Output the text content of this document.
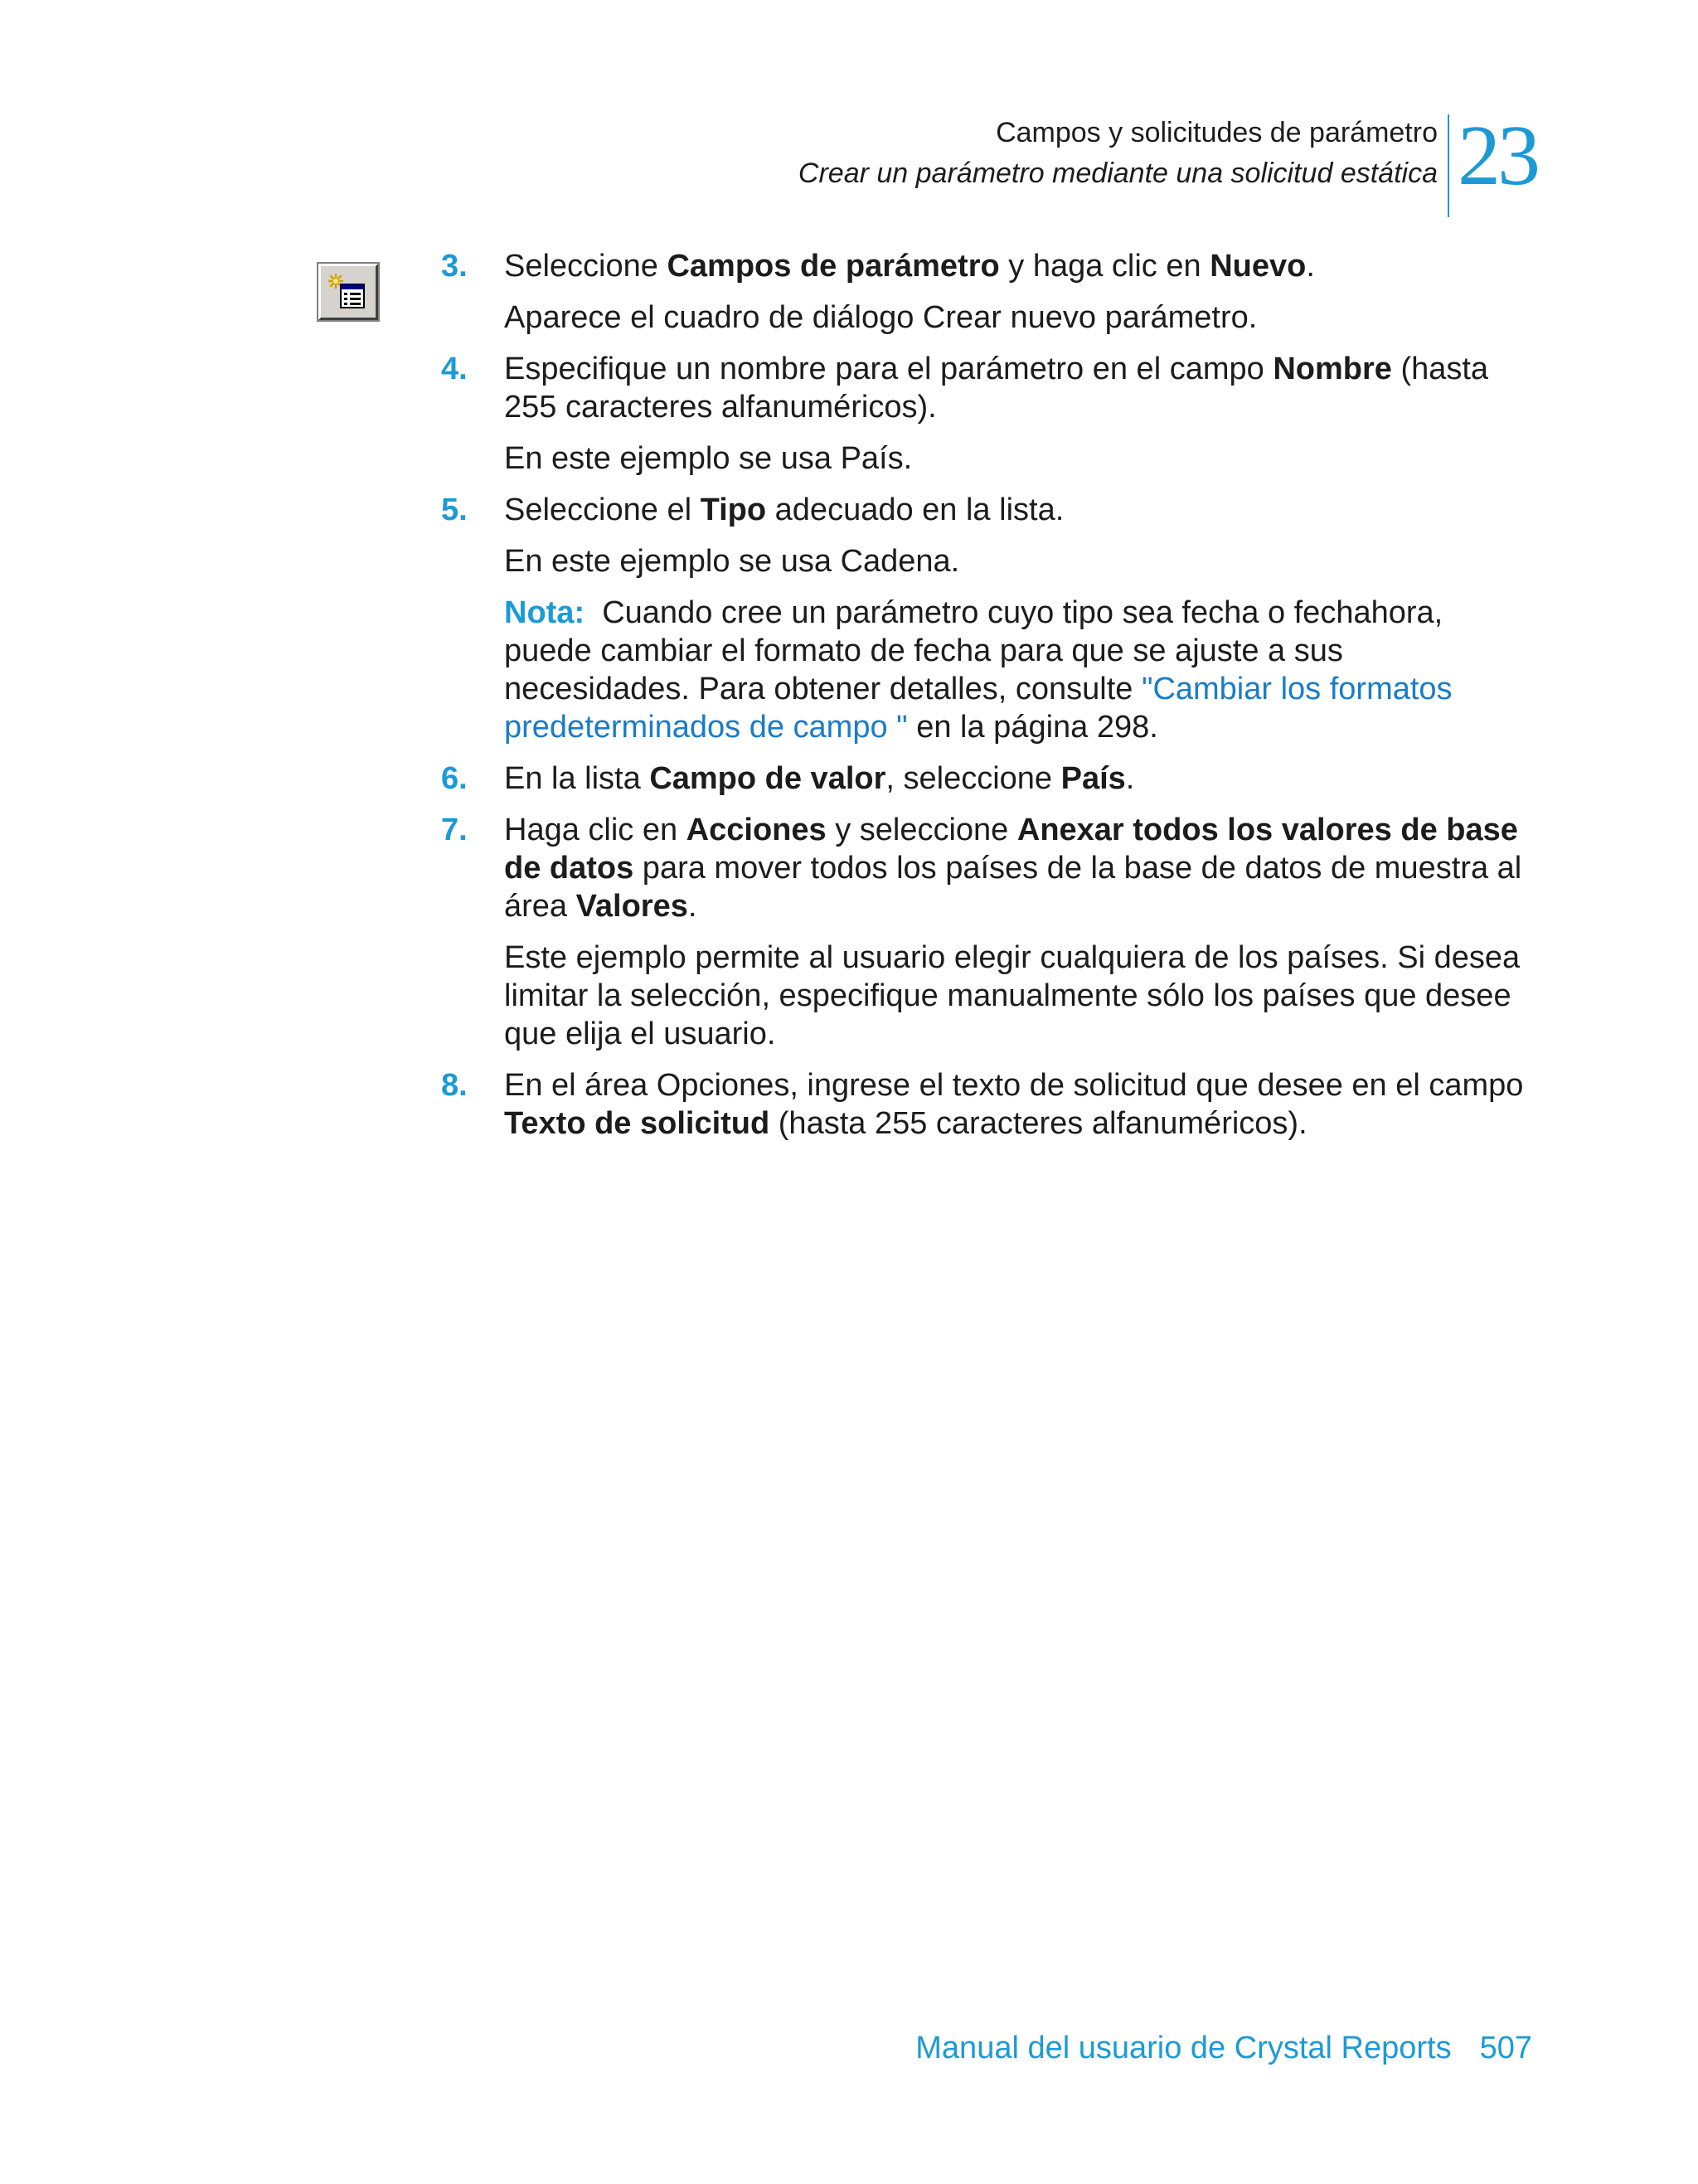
Campos y solicitudes de parámetro
Crear un parámetro mediante una solicitud estática 23
3. Seleccione Campos de parámetro y haga clic en Nuevo.
Aparece el cuadro de diálogo Crear nuevo parámetro.
4. Especifique un nombre para el parámetro en el campo Nombre (hasta 255 caracteres alfanuméricos).
En este ejemplo se usa País.
5. Seleccione el Tipo adecuado en la lista.
En este ejemplo se usa Cadena.
Nota:  Cuando cree un parámetro cuyo tipo sea fecha o fechahora, puede cambiar el formato de fecha para que se ajuste a sus necesidades. Para obtener detalles, consulte "Cambiar los formatos predeterminados de campo " en la página 298.
6. En la lista Campo de valor, seleccione País.
7. Haga clic en Acciones y seleccione Anexar todos los valores de base de datos para mover todos los países de la base de datos de muestra al área Valores.
Este ejemplo permite al usuario elegir cualquiera de los países. Si desea limitar la selección, especifique manualmente sólo los países que desee que elija el usuario.
8. En el área Opciones, ingrese el texto de solicitud que desee en el campo Texto de solicitud (hasta 255 caracteres alfanuméricos).
Manual del usuario de Crystal Reports 507
